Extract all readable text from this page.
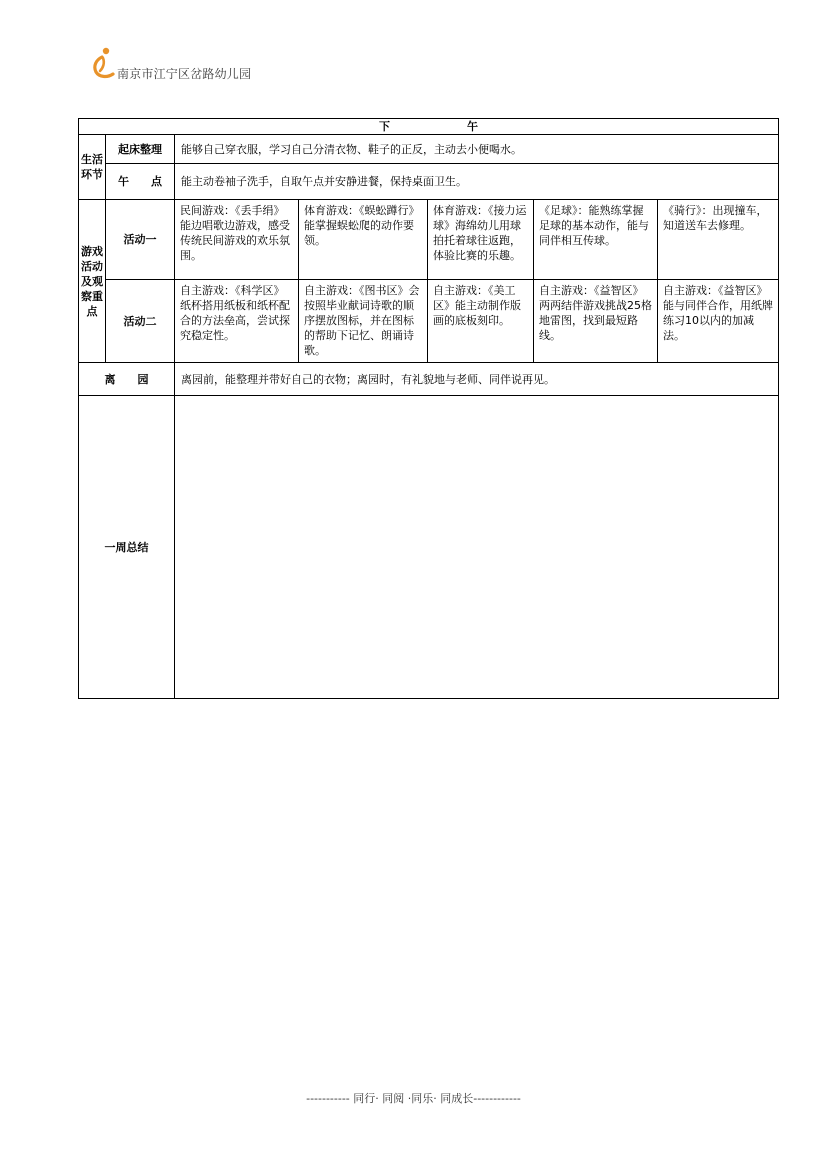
南京市江宁区岔路幼儿园
下　　　　　　　午						
生活环节	起床整理	能够自己穿衣服，学习自己分清衣物、鞋子的正反，主动去小便喝水。				
	午　　点	能主动卷袖子洗手，自取午点并安静进餐，保持桌面卫生。				
游戏活动及观察重点	活动一	民间游戏：《丢手绢》能边唱歌边游戏，感受传统民间游戏的欢乐氛围。	体育游戏：《蜈蚣蹲行》能掌握蜈蚣爬的动作要领。	体育游戏：《接力运球》海绵幼儿用球拍托着球往返跑，体验比赛的乐趣。	《足球》：能熟练掌握足球的基本动作，能与同伴相互传球。	《骑行》：出现撞车，知道送车去修理。
	活动二	自主游戏：《科学区》纸杯搭用纸板和纸杯配合的方法垒高，尝试探究稳定性。	自主游戏：《图书区》会按照毕业献词诗歌的顺序摆放图标，并在图标的帮助下记忆、朗诵诗歌。	自主游戏：《美工区》能主动制作版画的底板刻印。	自主游戏：《益智区》两两结伴游戏挑战25格地雷图，找到最短路线。	自主游戏：《益智区》能与同伴合作，用纸牌练习10以内的加减法。
离　　园		离园前，能整理并带好自己的衣物；离园时，有礼貌地与老师、同伴说再见。				
一周总结						
----------- 同行· 同阅 ·同乐· 同成长------------
